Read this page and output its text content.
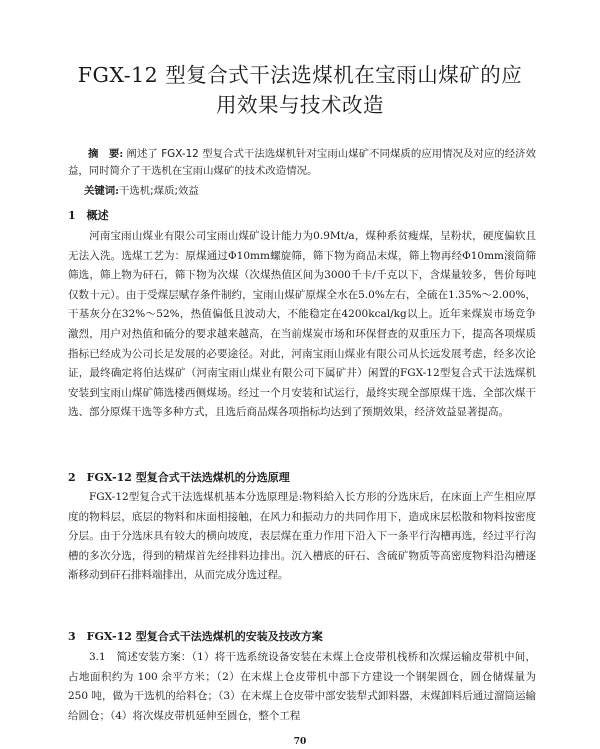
FGX-12 型复合式干法选煤机在宝雨山煤矿的应
用效果与技术改造
摘　要: 阐述了 FGX-12 型复合式干法选煤机针对宝雨山煤矿不同煤质的应用情况及对应的经济效益，同时简介了干选机在宝雨山煤矿的技术改造情况。
关键词:干选机;煤质;效益
1　概述
河南宝雨山煤业有限公司宝雨山煤矿设计能力为0.9Mt/a，煤种系贫瘦煤，呈粉状，硬度偏软且无法入洗。选煤工艺为：原煤通过Φ10mm螺旋筛，筛下物为商品末煤，筛上物再经Φ10mm滚筒筛筛选，筛上物为矸石，筛下物为次煤（次煤热值区间为3000千卡/千克以下，含煤量较多，售价每吨仅数十元）。由于受煤层赋存条件制约，宝雨山煤矿原煤全水在5.0%左右，全硫在1.35%～2.00%，干基灰分在32%～52%，热值偏低且波动大，不能稳定在4200kcal/kg以上。近年来煤炭市场竞争激烈，用户对热值和硫分的要求越来越高，在当前煤炭市场和环保督查的双重压力下，提高各项煤质指标已经成为公司长足发展的必要途径。对此，河南宝雨山煤业有限公司从长远发展考虑，经多次论证，最终确定将伯达煤矿（河南宝雨山煤业有限公司下属矿井）闲置的FGX-12型复合式干法选煤机安装到宝雨山煤矿筛选楼西侧煤场。经过一个月安装和试运行，最终实现全部原煤干选、全部次煤干选、部分原煤干选等多种方式，且选后商品煤各项指标均达到了预期效果，经济效益显著提高。
2　FGX-12 型复合式干法选煤机的分选原理
FGX-12型复合式干法选煤机基本分选原理是:物料給入长方形的分选床后，在床面上产生相应厚度的物料层，底层的物料和床面相接触，在风力和振动力的共同作用下，造成床层松散和物料按密度分层。由于分选床具有较大的横向坡度，表层煤在重力作用下沿入下一条平行沟槽再选，经过平行沟槽的多次分选，得到的精煤首先经排料边排出。沉入槽底的矸石、含硫矿物质等高密度物料沿沟槽逐渐移动到矸石排料端排出，从而完成分选过程。
3　FGX-12 型复合式干法选煤机的安装及技改方案
3.1　简述安装方案：（1）将干选系统设备安装在末煤上仓皮带机栈桥和次煤运输皮带机中间，占地面积约为 100 余平方米；（2）在末煤上仓皮带机中部下方建设一个钢架圆仓，圆仓储煤量为 250 吨，做为干选机的给料仓；（3）在末煤上仓皮带中部安装犁式卸料器，末煤卸料后通过溜筒运输给圆仓；（4）将次煤皮带机延伸至圆仓，整个工程
70
